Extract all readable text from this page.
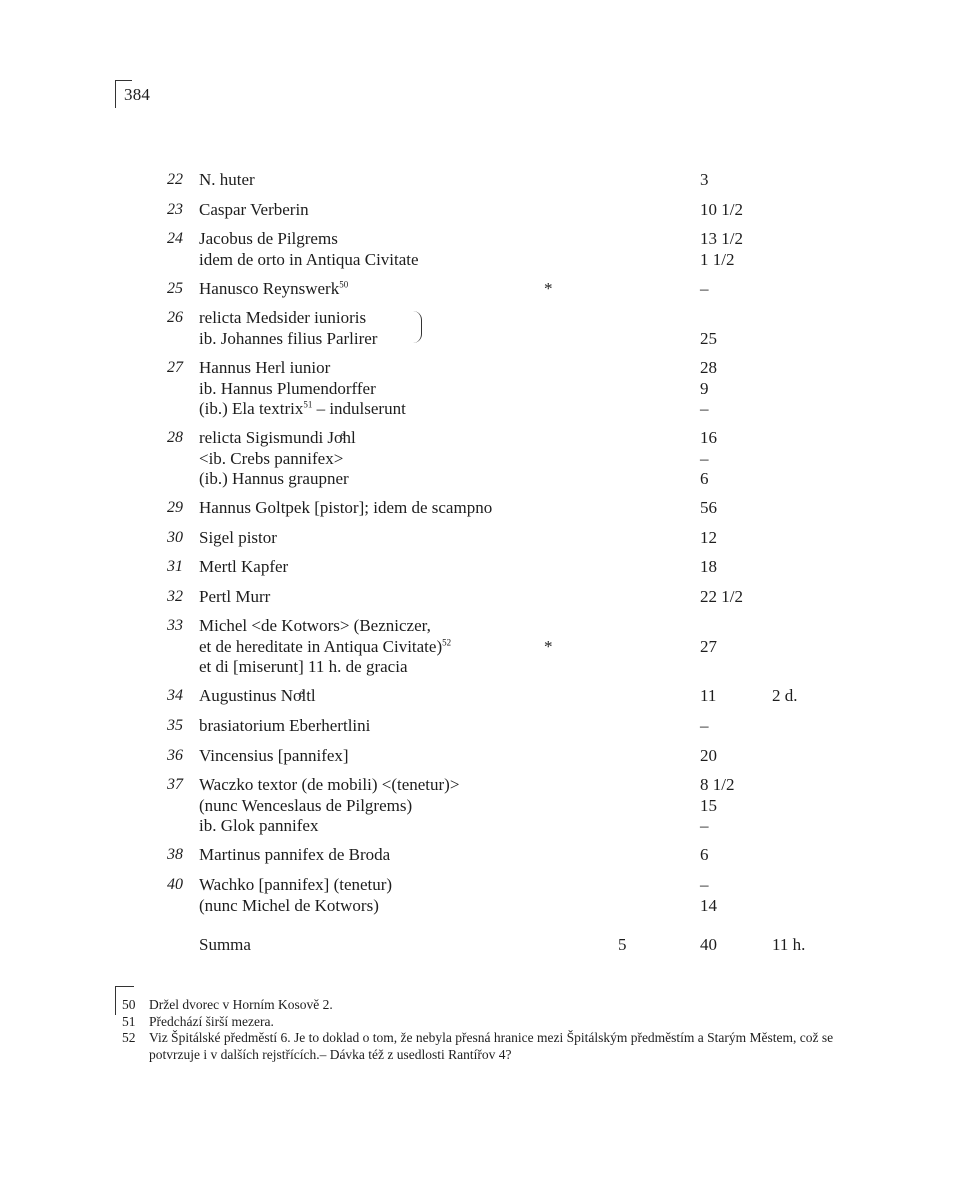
384
22 N. huter	3
23 Caspar Verberin	10 1/2
24 Jacobus de Pilgrems	13 1/2
idem de orto in Antiqua Civitate	1 1/2
25 Hanusco Reynswerk$^{50}$	*	–
26 relicta Medsider iunioris
ib. Johannes filius Parlirer	25
27 Hannus Herl iunior	28
ib. Hannus Plumendorffer	9
(ib.) Ela textrix$^{51}$ – indulserunt	–
28 relicta Sigismundi Joͤhl	16
<ib. Crebs pannifex>	–
(ib.) Hannus graupner	6
29 Hannus Goltpek [pistor]; idem de scampno	56
30 Sigel pistor	12
31 Mertl Kapfer	18
32 Pertl Murr	22 1/2
33 Michel <de Kotwors> (Bezniczer,
et de hereditate in Antiqua Civitate)$^{52}$	*	27
et di [miserunt] 11 h. de gracia
34 Augustinus Noͤltl	11	2 d.
35 brasiatorium Eberhertlini	–
36 Vincensius [pannifex]	20
37 Waczko textor (de mobili) <(tenetur)>	8 1/2
(nunc Wenceslaus de Pilgrems)	15
ib. Glok pannifex	–
38 Martinus pannifex de Broda	6
40 Wachko [pannifex] (tenetur)	–
(nunc Michel de Kotwors)	14
Summa	5	40	11 h.
50 Držel dvorec v Horním Kosově 2.
51 Předchází širší mezera.
52 Viz Špitálské předměstí 6. Je to doklad o tom, že nebyla přesná hranice mezi Špitálským předměstím a Starým Městem, což se potvrzuje i v dalších rejstřících.– Dávka též z usedlosti Rantířov 4?
